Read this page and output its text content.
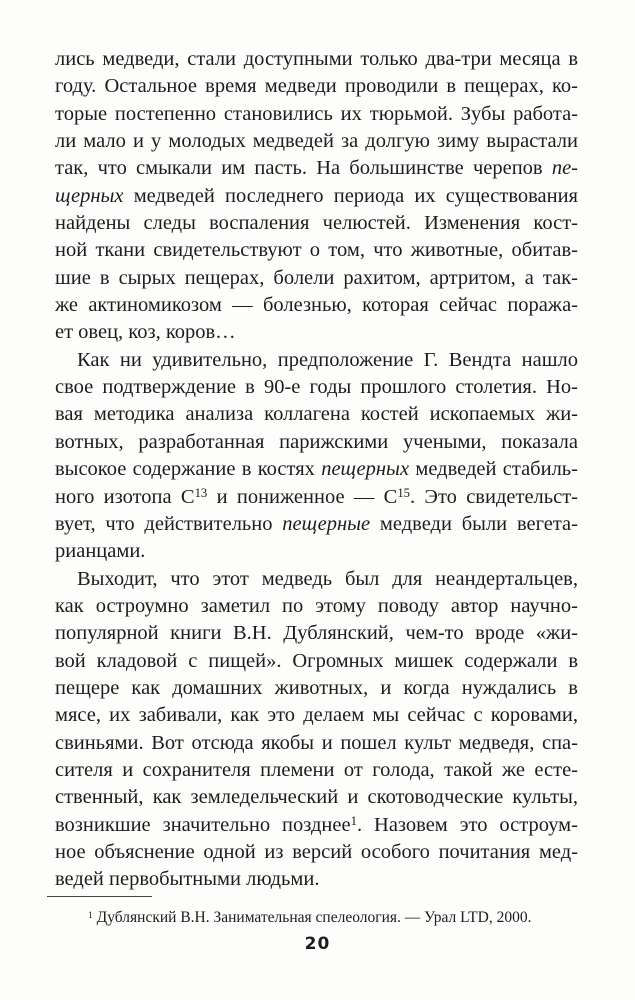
лись медведи, стали доступными только два-три месяца в
году. Остальное время медведи проводили в пещерах, ко-
торые постепенно становились их тюрьмой. Зубы работа-
ли мало и у молодых медведей за долгую зиму вырастали
так, что смыкали им пасть. На большинстве черепов пе-
щерных медведей последнего периода их существования
найдены следы воспаления челюстей. Изменения кост-
ной ткани свидетельствуют о том, что животные, обитав-
шие в сырых пещерах, болели рахитом, артритом, а так-
же актиномикозом — болезнью, которая сейчас поража-
ет овец, коз, коров…
Как ни удивительно, предположение Г. Вендта нашло
свое подтверждение в 90-е годы прошлого столетия. Но-
вая методика анализа коллагена костей ископаемых жи-
вотных, разработанная парижскими учеными, показала
высокое содержание в костях пещерных медведей стабиль-
ного изотопа $С^{13}$ и пониженное — $С^{15}$. Это свидетельст-
вует, что действительно пещерные медведи были вегета-
рианцами.
Выходит, что этот медведь был для неандертальцев,
как остроумно заметил по этому поводу автор научно-
популярной книги В.Н. Дублянский, чем-то вроде «жи-
вой кладовой с пищей». Огромных мишек содержали в
пещере как домашних животных, и когда нуждались в
мясе, их забивали, как это делаем мы сейчас с коровами,
свиньями. Вот отсюда якобы и пошел культ медведя, спа-
сителя и сохранителя племени от голода, такой же есте-
ственный, как земледельческий и скотоводческие культы,
возникшие значительно позднее$^1$. Назовем это остроум-
ное объяснение одной из версий особого почитания мед-
ведей первобытными людьми.
$^1$ Дублянский В.Н. Занимательная спелеология. — Урал LTD, 2000.
20
